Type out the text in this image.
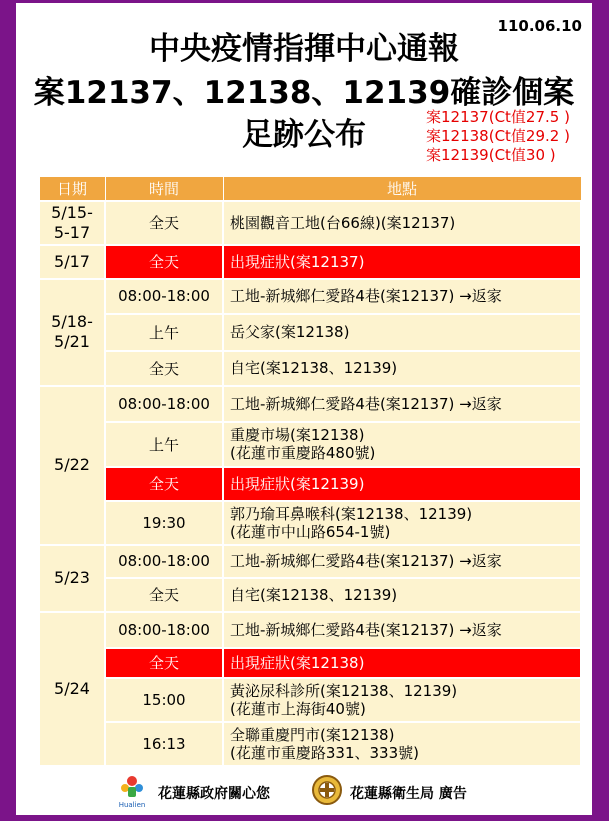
110.06.10
中央疫情指揮中心通報
案12137、12138、12139確診個案
足跡公布	案12137(Ct值27.5 )
案12138(Ct值29.2 )
案12139(Ct值30 )
日期	時間	地點
5/15-
5-17	全天	桃園觀音工地(台66線)(案12137)
5/17	全天	出現症狀(案12137)
5/18-
5/21	08:00-18:00	工地-新城鄉仁愛路4巷(案12137) →返家
	上午	岳父家(案12138)
	全天	自宅(案12138、12139)
5/22	08:00-18:00	工地-新城鄉仁愛路4巷(案12137) →返家
	上午	重慶市場(案12138)
(花蓮市重慶路480號)
	全天	出現症狀(案12139)
	19:30	郭乃瑜耳鼻喉科(案12138、12139)
(花蓮市中山路654-1號)
5/23	08:00-18:00	工地-新城鄉仁愛路4巷(案12137) →返家
	全天	自宅(案12138、12139)
5/24	08:00-18:00	工地-新城鄉仁愛路4巷(案12137) →返家
	全天	出現症狀(案12138)
	15:00	黃泌尿科診所(案12138、12139)
(花蓮市上海街40號)
	16:13	全聯重慶門市(案12138)
(花蓮市重慶路331、333號)
Hualien
花蓮縣政府關心您	花蓮縣衛生局 廣告
